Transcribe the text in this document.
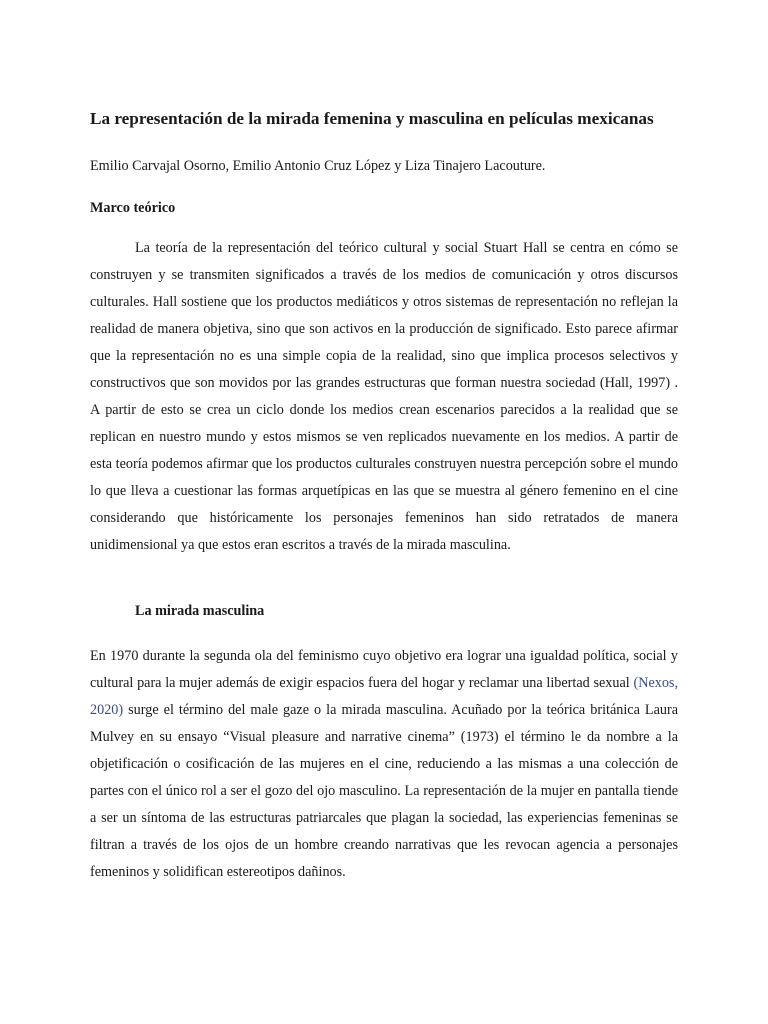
La representación de la mirada femenina y masculina en películas mexicanas

Emilio Carvajal Osorno, Emilio Antonio Cruz López y Liza Tinajero Lacouture.

Marco teórico

La teoría de la representación del teórico cultural y social Stuart Hall se centra en cómo se construyen y se transmiten significados a través de los medios de comunicación y otros discursos culturales. Hall sostiene que los productos mediáticos y otros sistemas de representación no reflejan la realidad de manera objetiva, sino que son activos en la producción de significado. Esto parece afirmar que la representación no es una simple copia de la realidad, sino que implica procesos selectivos y constructivos que son movidos por las grandes estructuras que forman nuestra sociedad (Hall, 1997) . A partir de esto se crea un ciclo donde los medios crean escenarios parecidos a la realidad que se replican en nuestro mundo y estos mismos se ven replicados nuevamente en los medios. A partir de esta teoría podemos afirmar que los productos culturales construyen nuestra percepción sobre el mundo lo que lleva a cuestionar las formas arquetípicas en las que se muestra al género femenino en el cine considerando que históricamente los personajes femeninos han sido retratados de manera unidimensional ya que estos eran escritos a través de la mirada masculina.

La mirada masculina

En 1970 durante la segunda ola del feminismo cuyo objetivo era lograr una igualdad política, social y cultural para la mujer además de exigir espacios fuera del hogar y reclamar una libertad sexual (Nexos, 2020) surge el término del male gaze o la mirada masculina. Acuñado por la teórica británica Laura Mulvey en su ensayo “Visual pleasure and narrative cinema” (1973) el término le da nombre a la objetificación o cosificación de las mujeres en el cine, reduciendo a las mismas a una colección de partes con el único rol a ser el gozo del ojo masculino. La representación de la mujer en pantalla tiende a ser un síntoma de las estructuras patriarcales que plagan la sociedad, las experiencias femeninas se filtran a través de los ojos de un hombre creando narrativas que les revocan agencia a personajes femeninos y solidifican estereotipos dañinos.
